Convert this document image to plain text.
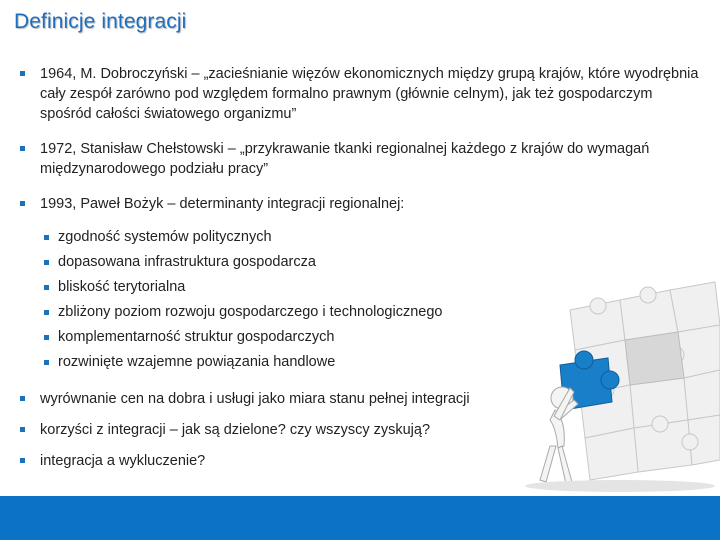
Definicje integracji
1964, M. Dobroczyński – „zacieśnianie więzów ekonomicznych między grupą krajów, które wyodrębnia cały zespół zarówno pod względem formalno prawnym (głównie celnym), jak też gospodarczym spośród całości światowego organizmu”
1972, Stanisław Chełstowski – „przykrawanie tkanki regionalnej każdego z krajów do wymagań międzynarodowego podziału pracy”
1993, Paweł Bożyk – determinanty integracji regionalnej:
zgodność systemów politycznych
dopasowana infrastruktura gospodarcza
bliskość terytorialna
zbliżony poziom rozwoju gospodarczego i technologicznego
komplementarność struktur gospodarczych
rozwinięte wzajemne powiązania handlowe
wyrównanie cen na dobra i usługi jako miara stanu pełnej integracji
korzyści z integracji – jak są dzielone? czy wszyscy zyskują?
integracja a wykluczenie?
